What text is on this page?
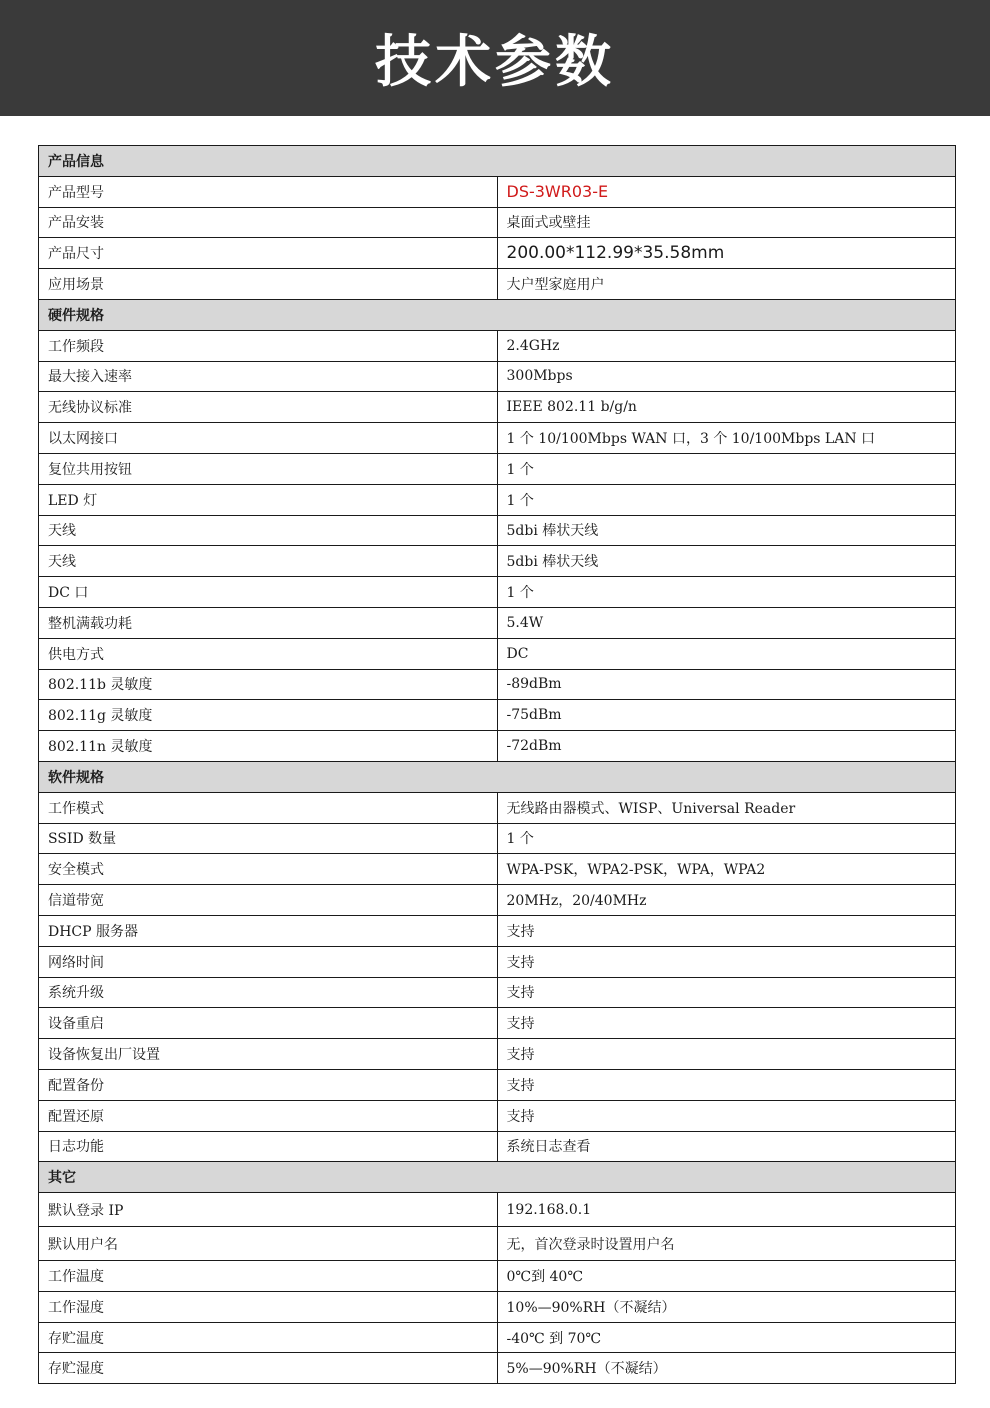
技术参数
产品信息	
产品型号	DS-3WR03-E
产品安装	桌面式或壁挂
产品尺寸	200.00*112.99*35.58mm
应用场景	大户型家庭用户
硬件规格	
工作频段	2.4GHz
最大接入速率	300Mbps
无线协议标准	IEEE 802.11 b/g/n
以太网接口	1 个 10/100Mbps WAN 口，3 个 10/100Mbps LAN 口
复位共用按钮	1 个
LED 灯	1 个
天线	5dbi 棒状天线
天线	5dbi 棒状天线
DC 口	1 个
整机满载功耗	5.4W
供电方式	DC
802.11b 灵敏度	-89dBm
802.11g 灵敏度	-75dBm
802.11n 灵敏度	-72dBm
软件规格	
工作模式	无线路由器模式、WISP、Universal Reader
SSID 数量	1 个
安全模式	WPA-PSK，WPA2-PSK，WPA，WPA2
信道带宽	20MHz，20/40MHz
DHCP 服务器	支持
网络时间	支持
系统升级	支持
设备重启	支持
设备恢复出厂设置	支持
配置备份	支持
配置还原	支持
日志功能	系统日志查看
其它	
默认登录 IP	192.168.0.1
默认用户名	无，首次登录时设置用户名
工作温度	0℃到 40℃
工作湿度	10%—90%RH（不凝结）
存贮温度	-40℃ 到 70℃
存贮湿度	5%—90%RH（不凝结）
